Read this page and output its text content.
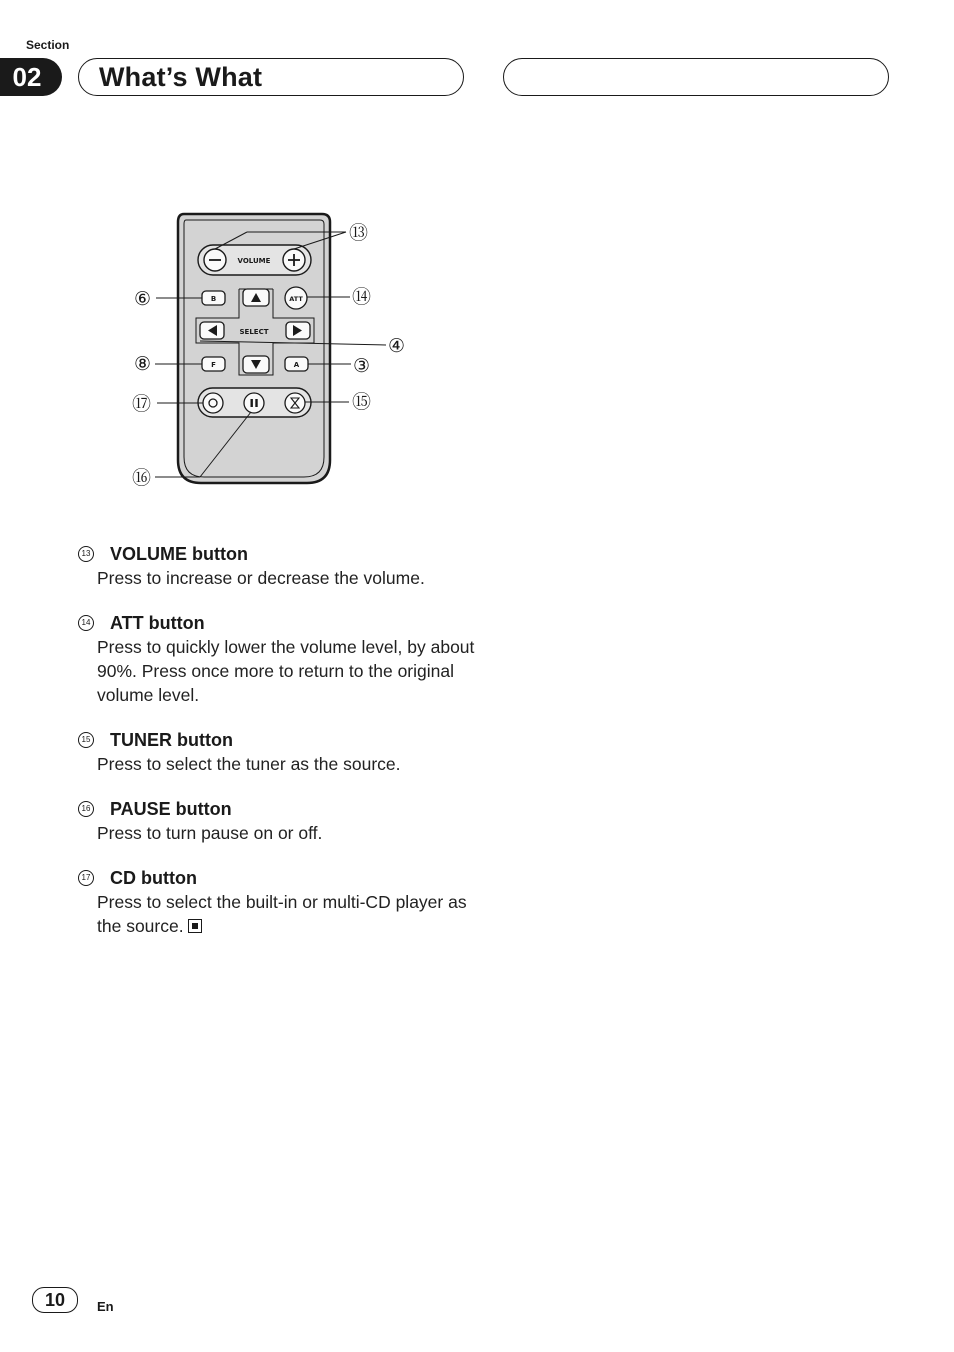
Section
02	What’s What
VOLUME
B	ATT
SELECT
F	A
⑬
⑥	⑭
④
⑧	③
⑰	⑮
⑯
13 VOLUME button
Press to increase or decrease the volume.
14 ATT button
Press to quickly lower the volume level, by about 90%. Press once more to return to the original volume level.
15 TUNER button
Press to select the tuner as the source.
16 PAUSE button
Press to turn pause on or off.
17 CD button
Press to select the built-in or multi-CD player as the source.
10	En
